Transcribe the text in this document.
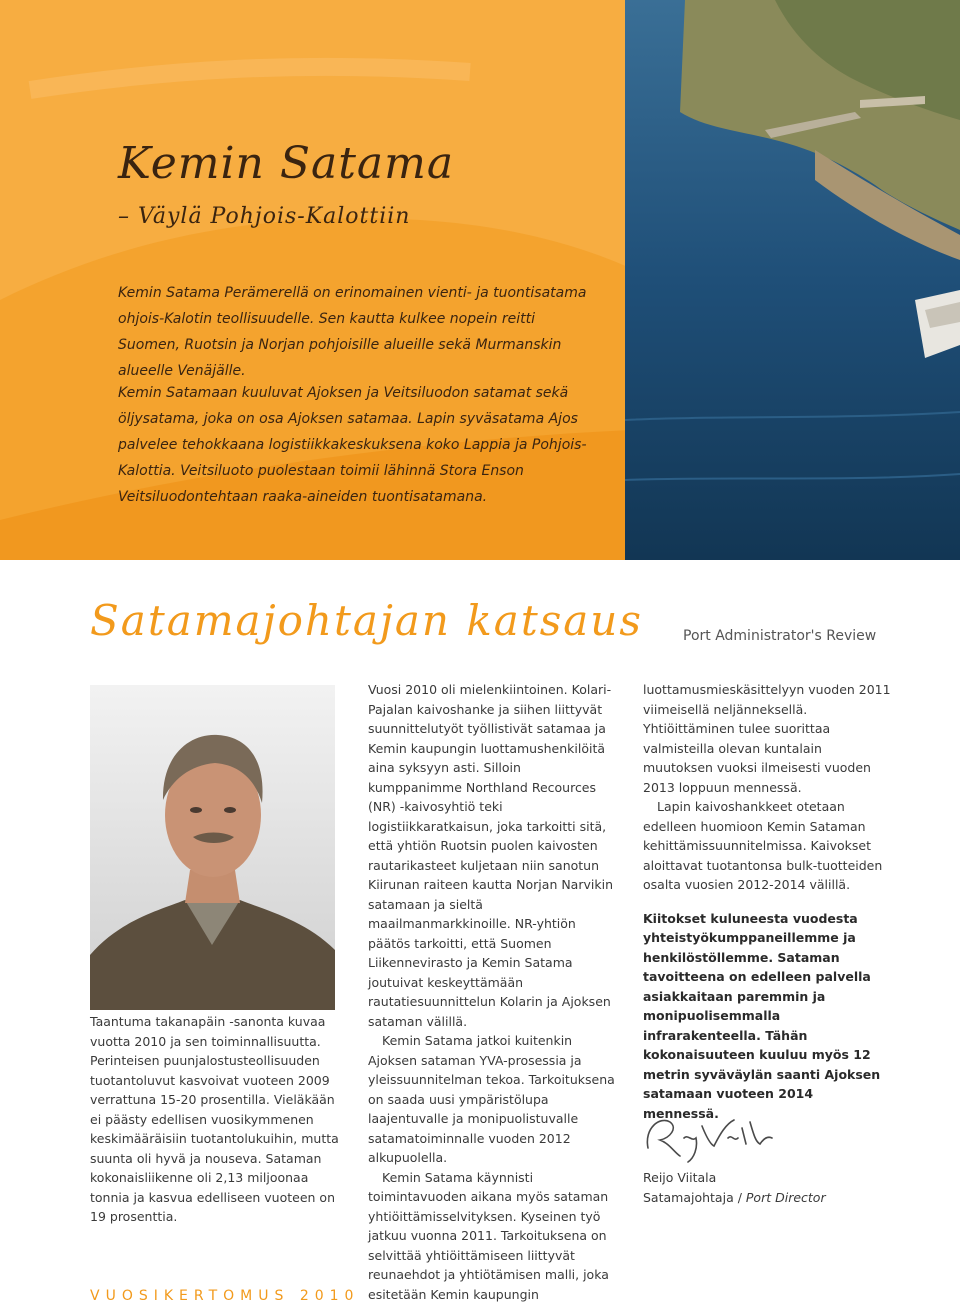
Kemin Satama
– Väylä Pohjois-Kalottiin

Kemin Satama Perämerellä on erinomainen vienti- ja tuontisatama ohjois-Kalotin teollisuudelle. Sen kautta kulkee nopein reitti Suomen, Ruotsin ja Norjan pohjoisille alueille sekä Murmanskin alueelle Venäjälle.

Kemin Satamaan kuuluvat Ajoksen ja Veitsiluodon satamat sekä öljysatama, joka on osa Ajoksen satamaa. Lapin syväsatama Ajos palvelee tehokkaana logistiikkakeskuksena koko Lappia ja Pohjois-Kalottia. Veitsiluoto puolestaan toimii lähinnä Stora Enson Veitsiluodontehtaan raaka-aineiden tuontisatamana.

Satamajohtajan katsaus	Port Administrator's Review

Taantuma takanapäin -sanonta kuvaa vuotta 2010 ja sen toiminnallisuutta. Perinteisen puunjalostusteollisuuden tuotantoluvut kasvoivat vuoteen 2009 verrattuna 15-20 prosentilla. Vieläkään ei päästy edellisen vuosikymmenen keskimääräisiin tuotantolukuihin, mutta suunta oli hyvä ja nouseva. Sataman kokonaisliikenne oli 2,13 miljoonaa tonnia ja kasvua edelliseen vuoteen on 19 prosenttia.

Vuosi 2010 oli mielenkiintoinen. Kolari-Pajalan kaivoshanke ja siihen liittyvät suunnittelutyöt työllistivät satamaa ja Kemin kaupungin luottamushenkilöitä aina syksyyn asti. Silloin kumppanimme Northland Recources (NR) -kaivosyhtiö teki logistiikkaratkaisun, joka tarkoitti sitä, että yhtiön Ruotsin puolen kaivosten rautarikasteet kuljetaan niin sanotun Kiirunan raiteen kautta Norjan Narvikin satamaan ja sieltä maailmanmarkkinoille. NR-yhtiön päätös tarkoitti, että Suomen Liikennevirasto ja Kemin Satama joutuivat keskeyttämään rautatiesuunnittelun Kolarin ja Ajoksen sataman välillä.

Kemin Satama jatkoi kuitenkin Ajoksen sataman YVA-prosessia ja yleissuunnitelman tekoa. Tarkoituksena on saada uusi ympäristölupa laajentuvalle ja monipuolistuvalle satamatoiminnalle vuoden 2012 alkupuolella.

Kemin Satama käynnisti toimintavuoden aikana myös sataman yhtiöittämisselvityksen. Kyseinen työ jatkuu vuonna 2011. Tarkoituksena on selvittää yhtiöittämiseen liittyvät reunaehdot ja yhtiötämisen malli, joka esitetään Kemin kaupungin

luottamusmieskäsittelyyn vuoden 2011 viimeisellä neljänneksellä. Yhtiöittäminen tulee suorittaa valmisteilla olevan kuntalain muutoksen vuoksi ilmeisesti vuoden 2013 loppuun mennessä.

Lapin kaivoshankkeet otetaan edelleen huomioon Kemin Sataman kehittämissuunnitelmissa. Kaivokset aloittavat tuotantonsa bulk-tuotteiden osalta vuosien 2012-2014 välillä.

Kiitokset kuluneesta vuodesta yhteistyökumppaneillemme ja henkilöstöllemme. Sataman tavoitteena on edelleen palvella asiakkaitaan paremmin ja monipuolisemmalla infrarakenteella. Tähän kokonaisuuteen kuuluu myös 12 metrin syväväylän saanti Ajoksen satamaan vuoteen 2014 mennessä.

Reijo Viitala
Satamajohtaja / Port Director
VUOSIKERTOMUS 2010
